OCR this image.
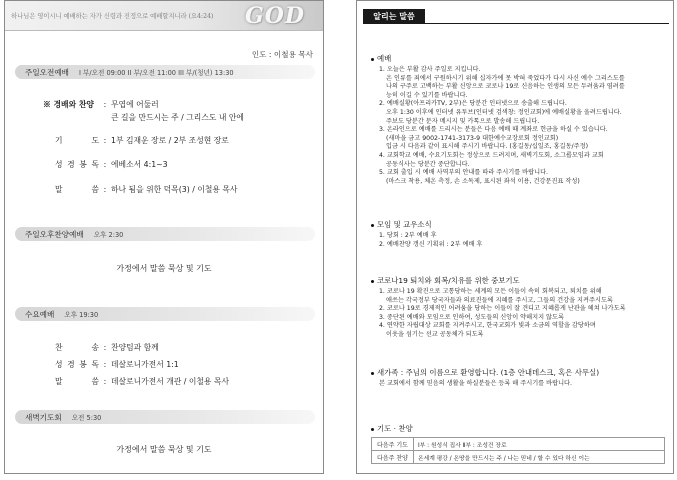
하나님은 영이시니 예배하는 자가 신령과 진정으로 예배할지니라 (요4:24) GOD
인도 : 이철용 목사
주일오전예배 I 부/오전 09:00 II 부/오전 11:00 III 부/(청년) 13:30
※ 경배와 찬양 : 무엽에 어둘러
큰 길을 만드시는 주 / 그리스도 내 안에
기 도 : 1부 김재운 장로 / 2부 조성현 장로
성 경 봉 독 : 에베소서 4:1~3
말 씀 : 하나 됨을 위한 덕목(3) / 이철용 목사
주일오후찬양예배 오후 2:30
가정에서 말씀 묵상 및 기도
수요예배 오후 19:30
찬 송 : 찬양팀과 함께
성 경 봉 독 : 데살로니가전서 1:1
말 씀 : 데살로니가전서 개관 / 이철용 목사
새벽기도회 오전 5:30
가정에서 말씀 묵상 및 기도
알리는 말씀
예배
1. 오늘은 부활 감사 주일로 지킵니다.
온 인류를 죄에서 구원하시기 위해 십자가에 못 박혀 죽었다가 다시 사신 예수 그리스도를
나의 구주로 고백하는 부활 신앙으로 코로나 19로 신음하는 인생의 모든 두려움과 염려를
능히 이길 수 있기를 바랍니다.
2. 예배실황(아프리카TV, 2부)은 당분간 인터넷으로 송출해 드립니다.
오후 1:30 이후에 인터넷 유투브(인터넷 검색창: 정인교회)에 예배실황을 올려드립니다.
주보도 당분간 문자 메시지 및 카톡으로 발송해 드립니다.
3. 온라인으로 예배를 드리시는 분들은 다음 예배 때 계좌로 헌금을 하실 수 있습니다.
(새마을 금고 9002-1741-3173-9 대한예수교장로회 정인교회)
입금 시 다음과 같이 표시해 주시기 바랍니다. (홍길동/십일조, 홍길동/주정)
4. 교회학교 예배, 수요기도회는 정상으로 드려지며, 새벽기도회, 소그룹모임과 교회
공동식사는 당분간 중단합니다.
5. 교회 출입 시 예배 사역부의 안내를 따라 주시기를 바랍니다.
(마스크 착용, 체온 측정, 손 소독제, 표시된 좌석 이용, 건강문진표 작성)
모임 및 교우소식
1. 당회 : 2부 예배 후
2. 예배찬양 갱신 기획위 : 2부 예배 후
코로나19 퇴치와 회복/치유를 위한 중보기도
1. 코로나 19 확진으로 고통당하는 세계의 모든 이들이 속히 회복되고, 퇴치를 위해
애쓰는 각국정부 당국자들과 의료진들에 지혜를 주시고, 그들의 건강을 지켜주시도록
2. 코로나 19로 경제적인 어려움을 당하는 이들이 잘 견디고 지혜롭게 난관을 헤쳐 나가도록
3. 중단된 예배와 모임으로 인하여, 성도들의 신앙이 약해지지 않도록
4. 연약한 자립대상 교회를 지켜주시고, 한국교회가 빛과 소금의 역할을 감당하며
이웃을 섬기는 선교 공동체가 되도록
새가족 : 주님의 이름으로 환영합니다. (1층 안내데스크, 혹은 사무실)
본 교회에서 함께 믿음의 생활을 하실분들은 등록 해 주시기를 바랍니다.
기도 · 찬양
다음주 기도	Ⅰ부 : 원성식 집사 Ⅱ부 : 조성건 장로
다음주 찬양	온세계 평강 / 온땅을 만드시는 주 / 나는 믿네 / 할 수 있다 하신 이는
